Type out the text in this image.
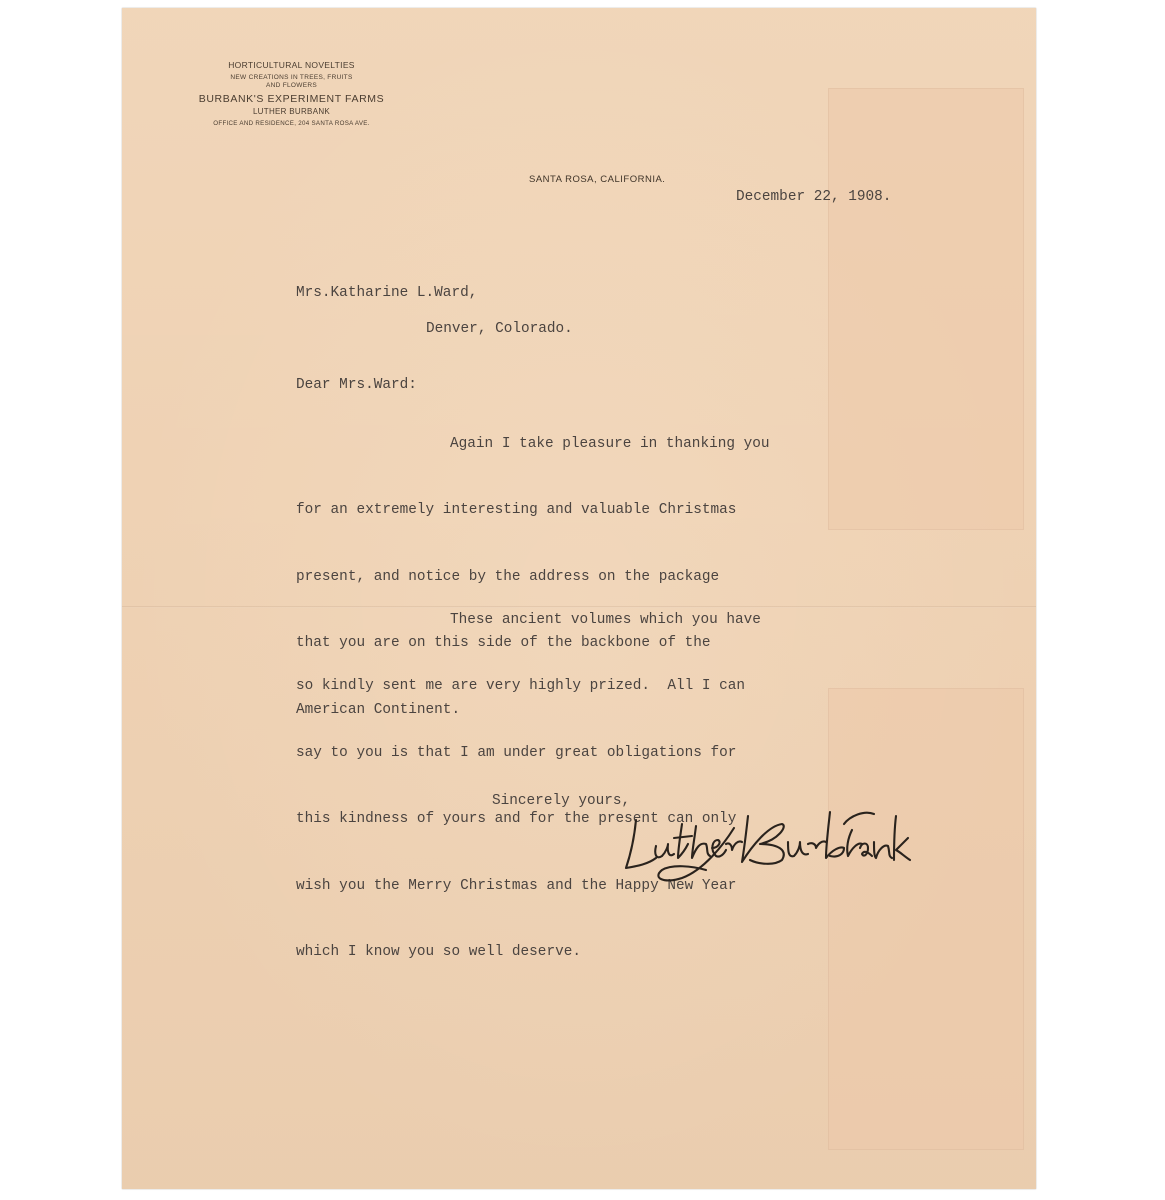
HORTICULTURAL NOVELTIES
NEW CREATIONS IN TREES, FRUITS
AND FLOWERS
BURBANK'S EXPERIMENT FARMS
LUTHER BURBANK
OFFICE AND RESIDENCE, 204 SANTA ROSA AVE.
SANTA ROSA, CALIFORNIA.
December 22, 1908.
Mrs.Katharine L.Ward,
Denver, Colorado.
Dear Mrs.Ward:

Again I take pleasure in thanking you

for an extremely interesting and valuable Christmas

present, and notice by the address on the package

that you are on this side of the backbone of the

American Continent.

These ancient volumes which you have

so kindly sent me are very highly prized.  All I can

say to you is that I am under great obligations for

this kindness of yours and for the present can only

wish you the Merry Christmas and the Happy New Year

which I know you so well deserve.

Sincerely yours,
